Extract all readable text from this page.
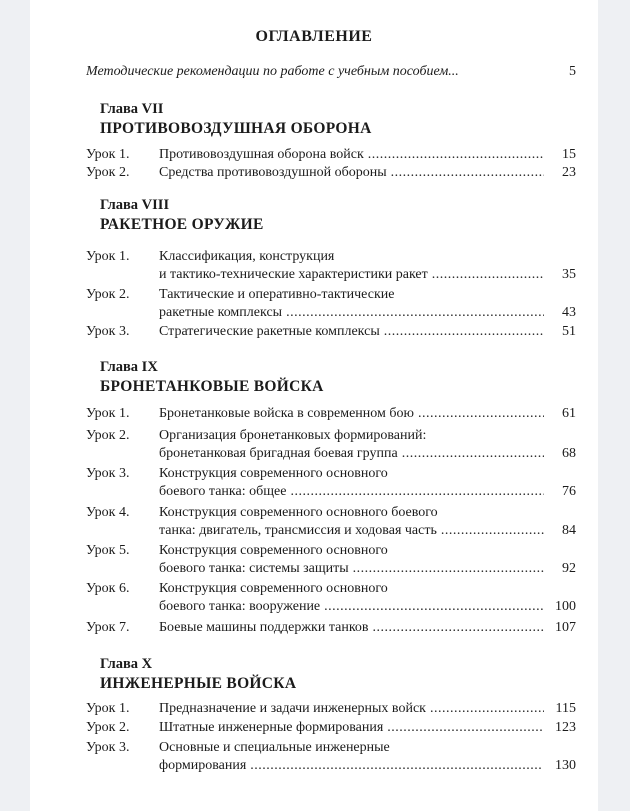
ОГЛАВЛЕНИЕ
Методические рекомендации по работе с учебным пособием...	5
Глава VII
ПРОТИВОВОЗДУШНАЯ ОБОРОНА
Урок 1. Противовоздушная оборона войск . . .	15
Урок 2. Средства противовоздушной обороны . . .	23
Глава VIII
РАКЕТНОЕ ОРУЖИЕ
Урок 1. Классификация, конструкция
и тактико-технические характеристики ракет . . .	35
Урок 2. Тактические и оперативно-тактические
ракетные комплексы . . .	43
Урок 3. Стратегические ракетные комплексы . . .	51
Глава IX
БРОНЕТАНКОВЫЕ ВОЙСКА
Урок 1. Бронетанковые войска в современном бою . . .	61
Урок 2. Организация бронетанковых формирований:
бронетанковая бригадная боевая группа . . .	68
Урок 3. Конструкция современного основного
боевого танка: общее . . .	76
Урок 4. Конструкция современного основного боевого
танка: двигатель, трансмиссия и ходовая часть . . .	84
Урок 5. Конструкция современного основного
боевого танка: системы защиты . . .	92
Урок 6. Конструкция современного основного
боевого танка: вооружение . . .	100
Урок 7. Боевые машины поддержки танков . . .	107
Глава X
ИНЖЕНЕРНЫЕ ВОЙСКА
Урок 1. Предназначение и задачи инженерных войск . . .	115
Урок 2. Штатные инженерные формирования . . .	123
Урок 3. Основные и специальные инженерные
формирования . . .	130
